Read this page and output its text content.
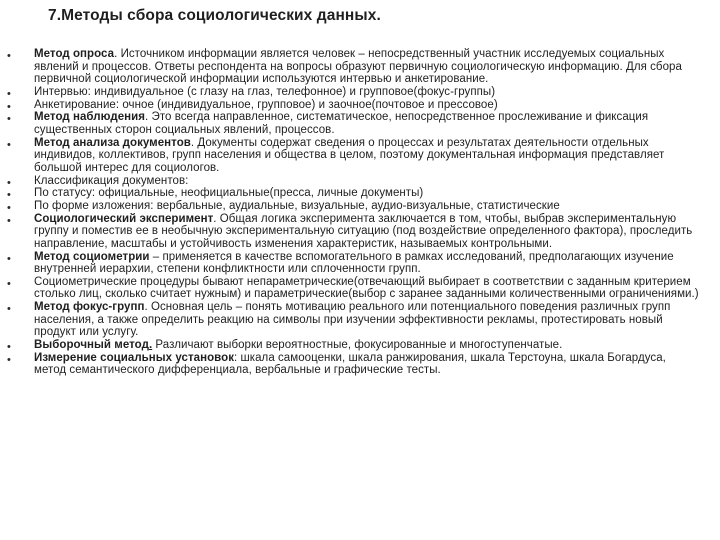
7.Методы сбора социологических данных.
• Метод опроса. Источником информации является человек – непосредственный участник исследуемых социальных явлений и процессов. Ответы респондента на вопросы образуют первичную социологическую информацию. Для сбора первичной социологической информации используются интервью и анкетирование.
• Интервью: индивидуальное (с глазу на глаз, телефонное) и групповое(фокус-группы)
• Анкетирование: очное (индивидуальное, групповое) и заочное(почтовое и прессовое)
• Метод наблюдения. Это всегда направленное, систематическое, непосредственное прослеживание и фиксация существенных сторон социальных явлений, процессов.
• Метод анализа документов. Документы содержат сведения о процессах и результатах деятельности отдельных индивидов, коллективов, групп населения и общества в целом, поэтому документальная информация представляет большой интерес для социологов.
• Классификация документов:
• По статусу: официальные, неофициальные(пресса, личные документы)
• По форме изложения: вербальные, аудиальные, визуальные, аудио-визуальные, статистические
• Социологический эксперимент. Общая логика эксперимента заключается в том, чтобы, выбрав экспериментальную группу и поместив ее в необычную экспериментальную ситуацию (под воздействие определенного фактора), проследить направление, масштабы и устойчивость изменения характеристик, называемых контрольными.
• Метод социометрии – применяется в качестве вспомогательного в рамках исследований, предполагающих изучение внутренней иерархии, степени конфликтности или сплоченности групп.
• Социометрические процедуры бывают непараметрические(отвечающий выбирает в соответствии с заданным критерием столько лиц, сколько считает нужным) и параметрические(выбор с заранее заданными количественными ограничениями.)
• Метод фокус-групп. Основная цель – понять мотивацию реального или потенциального поведения различных групп населения, а также определить реакцию на символы при изучении эффективности рекламы, протестировать новый продукт или услугу.
• Выборочный метод. Различают выборки вероятностные, фокусированные и многоступенчатые.
• Измерение социальных установок: шкала самооценки, шкала ранжирования, шкала Терстоуна, шкала Богардуса, метод семантического дифференциала, вербальные и графические тесты.
